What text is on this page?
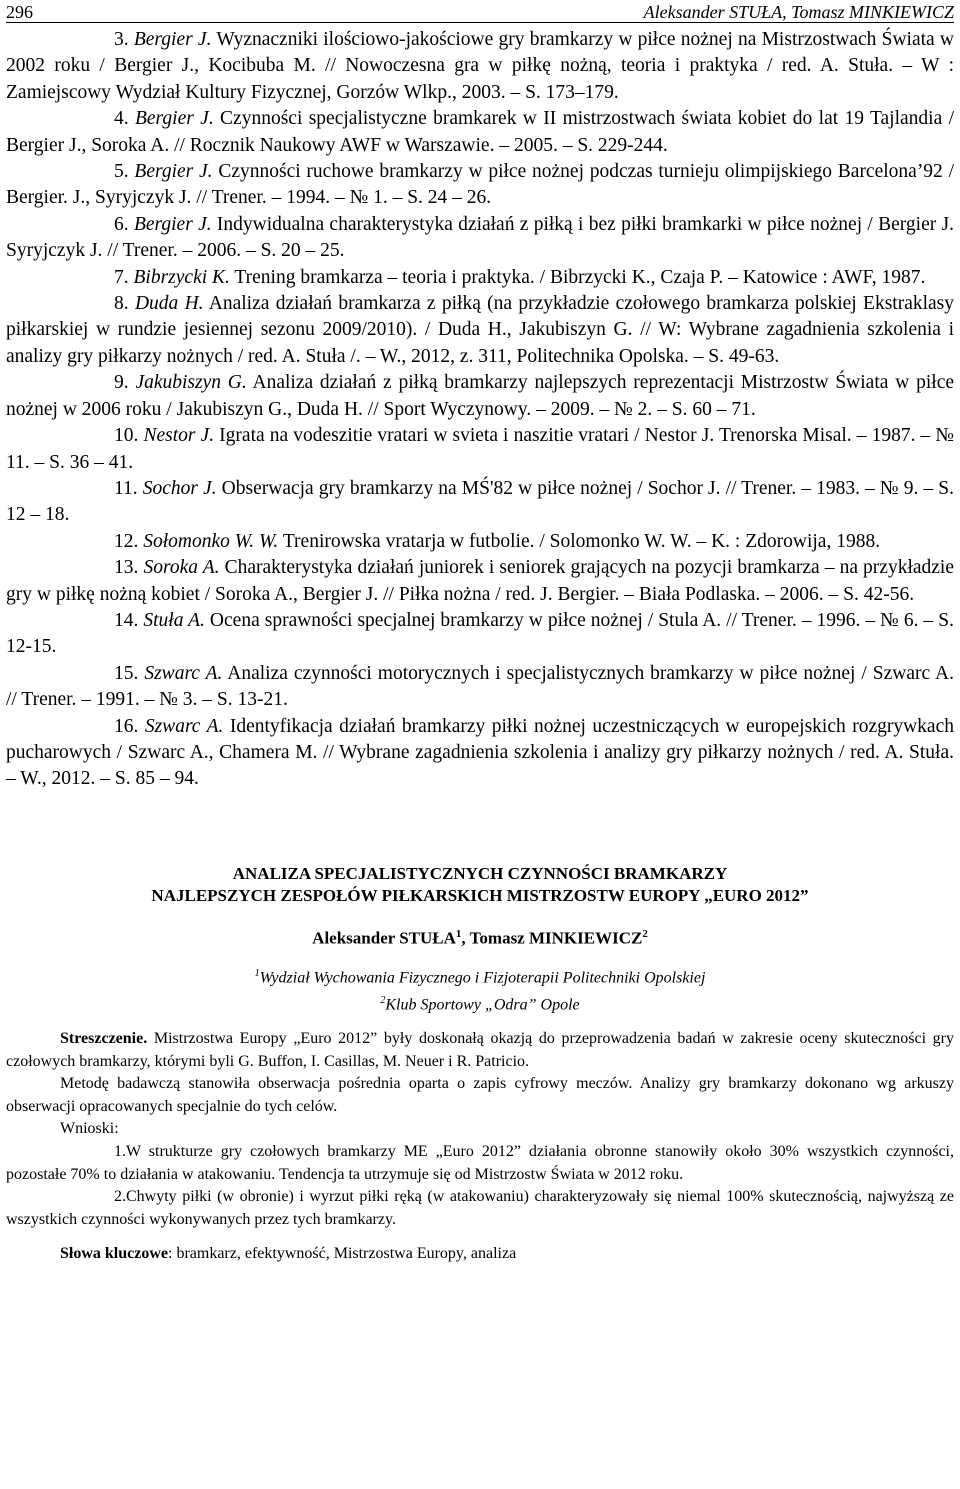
296	Aleksander STUŁA, Tomasz MINKIEWICZ

3. Bergier J. Wyznaczniki ilościowo-jakościowe gry bramkarzy w piłce nożnej na Mistrzostwach Świata w 2002 roku / Bergier J., Kocibuba M. // Nowoczesna gra w piłkę nożną, teoria i praktyka / red. A. Stuła. – W : Zamiejscowy Wydział Kultury Fizycznej, Gorzów Wlkp., 2003. – S. 173–179.

4. Bergier J. Czynności specjalistyczne bramkarek w II mistrzostwach świata kobiet do lat 19 Tajlandia / Bergier J., Soroka A. // Rocznik Naukowy AWF w Warszawie. – 2005. – S. 229-244.

5. Bergier J. Czynności ruchowe bramkarzy w piłce nożnej podczas turnieju olimpijskiego Barcelona’92 / Bergier. J., Syryjczyk J. // Trener. – 1994. – № 1. – S. 24 – 26.

6. Bergier J. Indywidualna charakterystyka działań z piłką i bez piłki bramkarki w piłce nożnej / Bergier J. Syryjczyk J. // Trener. – 2006. – S. 20 – 25.

7. Bibrzycki K. Trening bramkarza – teoria i praktyka. / Bibrzycki K., Czaja P. – Katowice : AWF, 1987.

8. Duda H. Analiza działań bramkarza z piłką (na przykładzie czołowego bramkarza polskiej Ekstraklasy piłkarskiej w rundzie jesiennej sezonu 2009/2010). / Duda H., Jakubiszyn G. // W: Wybrane zagadnienia szkolenia i analizy gry piłkarzy nożnych / red. A. Stuła /. – W., 2012, z. 311, Politechnika Opolska. – S. 49-63.

9. Jakubiszyn G. Analiza działań z piłką bramkarzy najlepszych reprezentacji Mistrzostw Świata w piłce nożnej w 2006 roku / Jakubiszyn G., Duda H. // Sport Wyczynowy. – 2009. – № 2. – S. 60 – 71.

10. Nestor J. Igrata na vodeszitie vratari w svieta i naszitie vratari / Nestor J. Trenorska Misal. – 1987. – № 11. – S. 36 – 41.

11. Sochor J. Obserwacja gry bramkarzy na MŚ'82 w piłce nożnej / Sochor J. // Trener. – 1983. – № 9. – S. 12 – 18.

12. Sołomonko W. W. Trenirowska vratarja w futbolie. / Solomonko W. W. – K. : Zdorowija, 1988.

13. Soroka A. Charakterystyka działań juniorek i seniorek grających na pozycji bramkarza – na przykładzie gry w piłkę nożną kobiet / Soroka A., Bergier J. // Piłka nożna / red. J. Bergier. – Biała Podlaska. – 2006. – S. 42-56.

14. Stuła A. Ocena sprawności specjalnej bramkarzy w piłce nożnej / Stula A. // Trener. – 1996. – № 6. – S. 12-15.

15. Szwarc A. Analiza czynności motorycznych i specjalistycznych bramkarzy w piłce nożnej / Szwarc A. // Trener. – 1991. – № 3. – S. 13-21.

16. Szwarc A. Identyfikacja działań bramkarzy piłki nożnej uczestniczących w europejskich rozgrywkach pucharowych / Szwarc A., Chamera M. // Wybrane zagadnienia szkolenia i analizy gry piłkarzy nożnych / red. A. Stuła. – W., 2012. – S. 85 – 94.

ANALIZA SPECJALISTYCZNYCH CZYNNOŚCI BRAMKARZY

NAJLEPSZYCH ZESPOŁÓW PIŁKARSKICH MISTRZOSTW EUROPY „EURO 2012”

Aleksander STUŁA$^1$, Tomasz MINKIEWICZ$^2$

$^1$Wydział Wychowania Fizycznego i Fizjoterapii Politechniki Opolskiej

$^2$Klub Sportowy „Odra” Opole

Streszczenie. Mistrzostwa Europy „Euro 2012” były doskonałą okazją do przeprowadzenia badań w zakresie oceny skuteczności gry czołowych bramkarzy, którymi byli G. Buffon, I. Casillas, M. Neuer i R. Patricio.

Metodę badawczą stanowiła obserwacja pośrednia oparta o zapis cyfrowy meczów. Analizy gry bramkarzy dokonano wg arkuszy obserwacji opracowanych specjalnie do tych celów.

Wnioski:

1.W strukturze gry czołowych bramkarzy ME „Euro 2012” działania obronne stanowiły około 30% wszystkich czynności, pozostałe 70% to działania w atakowaniu. Tendencja ta utrzymuje się od Mistrzostw Świata w 2012 roku.

2.Chwyty piłki (w obronie) i wyrzut piłki ręką (w atakowaniu) charakteryzowały się niemal 100% skutecznością, najwyższą ze wszystkich czynności wykonywanych przez tych bramkarzy.

Słowa kluczowe: bramkarz, efektywność, Mistrzostwa Europy, analiza
